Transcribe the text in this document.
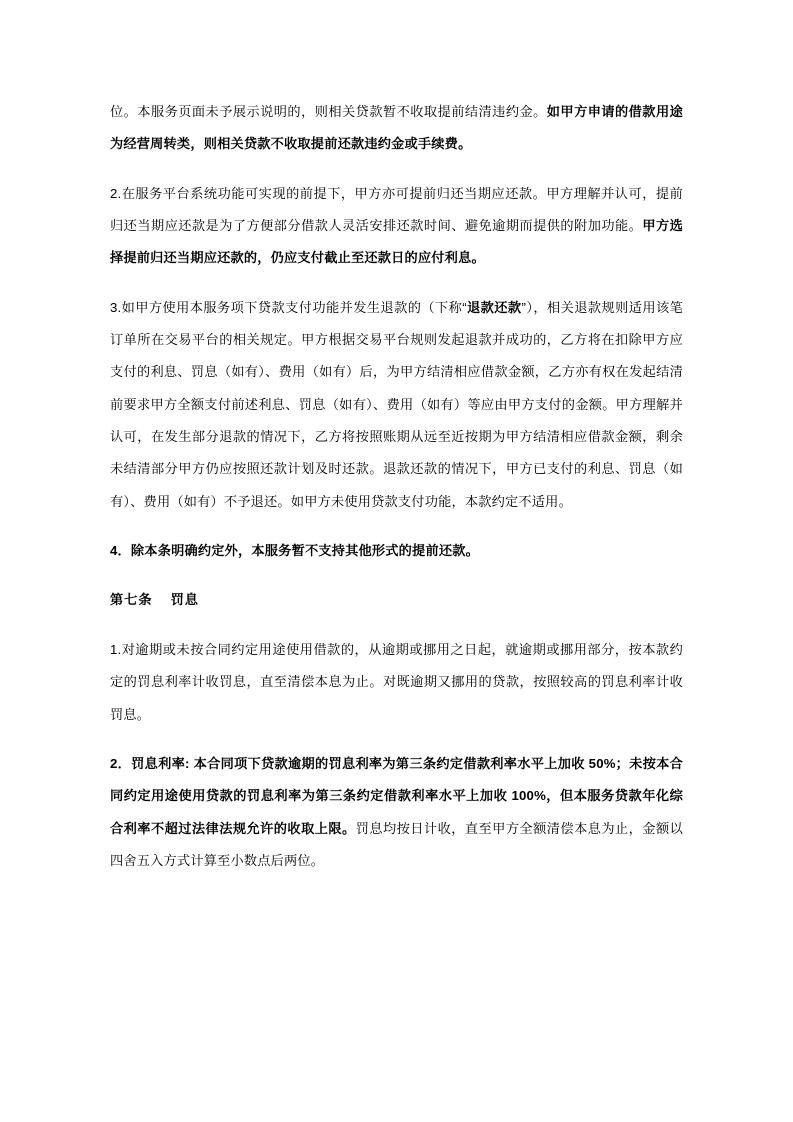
位。本服务页面未予展示说明的，则相关贷款暂不收取提前结清违约金。如甲方申请的借款用途为经营周转类，则相关贷款不收取提前还款违约金或手续费。

2.在服务平台系统功能可实现的前提下，甲方亦可提前归还当期应还款。甲方理解并认可，提前归还当期应还款是为了方便部分借款人灵活安排还款时间、避免逾期而提供的附加功能。甲方选择提前归还当期应还款的，仍应支付截止至还款日的应付利息。

3.如甲方使用本服务项下贷款支付功能并发生退款的（下称“退款还款”），相关退款规则适用该笔订单所在交易平台的相关规定。甲方根据交易平台规则发起退款并成功的，乙方将在扣除甲方应支付的利息、罚息（如有）、费用（如有）后，为甲方结清相应借款金额，乙方亦有权在发起结清前要求甲方全额支付前述利息、罚息（如有）、费用（如有）等应由甲方支付的金额。甲方理解并认可，在发生部分退款的情况下，乙方将按照账期从远至近按期为甲方结清相应借款金额，剩余未结清部分甲方仍应按照还款计划及时还款。退款还款的情况下，甲方已支付的利息、罚息（如有）、费用（如有）不予退还。如甲方未使用贷款支付功能，本款约定不适用。

4．除本条明确约定外，本服务暂不支持其他形式的提前还款。

第七条 罚息

1.对逾期或未按合同约定用途使用借款的，从逾期或挪用之日起，就逾期或挪用部分，按本款约定的罚息利率计收罚息，直至清偿本息为止。对既逾期又挪用的贷款，按照较高的罚息利率计收罚息。

2．罚息利率: 本合同项下贷款逾期的罚息利率为第三条约定借款利率水平上加收 50%；未按本合同约定用途使用贷款的罚息利率为第三条约定借款利率水平上加收 100%，但本服务贷款年化综合利率不超过法律法规允许的收取上限。罚息均按日计收，直至甲方全额清偿本息为止，金额以四舍五入方式计算至小数点后两位。
